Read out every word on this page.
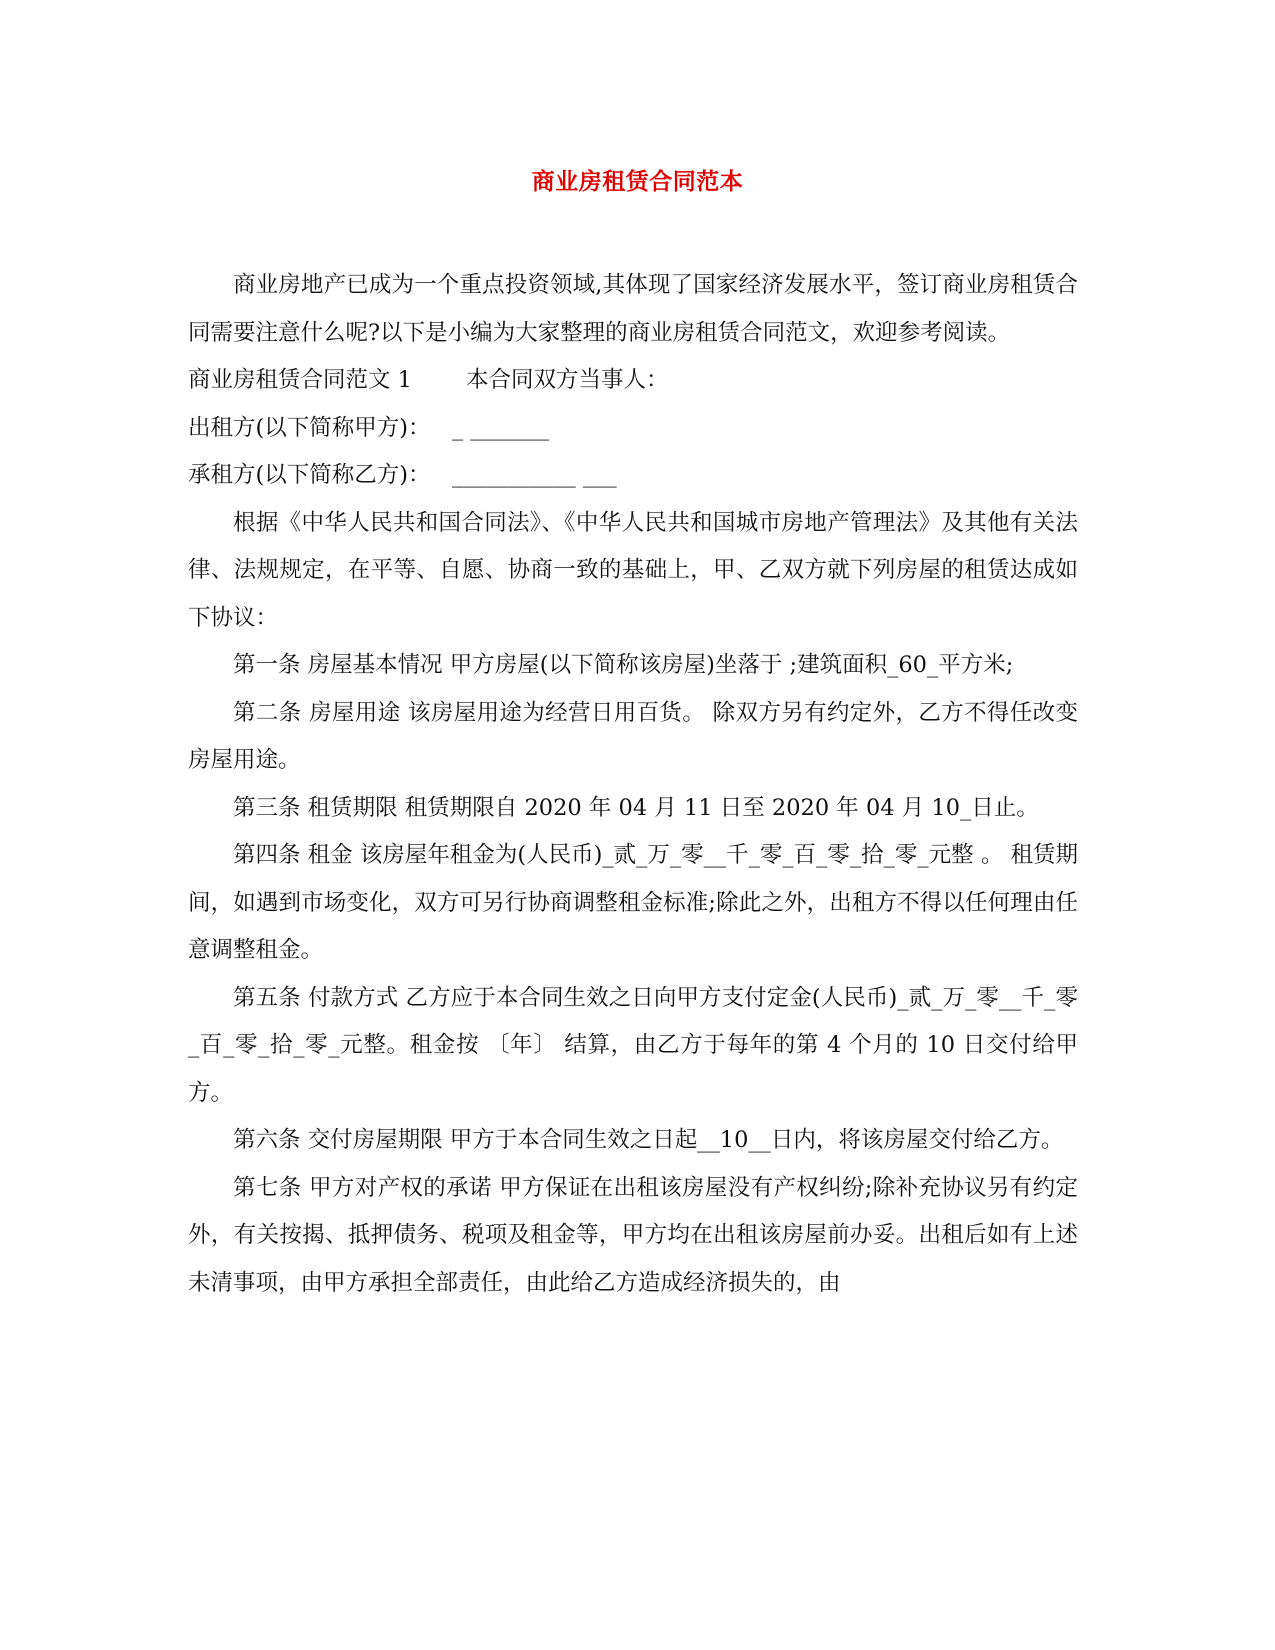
商业房租赁合同范本

商业房地产已成为一个重点投资领域,其体现了国家经济发展水平，签订商业房租赁合同需要注意什么呢?以下是小编为大家整理的商业房租赁合同范文，欢迎参考阅读。

商业房租赁合同范文 1 本合同双方当事人：

出租方(以下简称甲方)： _ _______

承租方(以下简称乙方)： ___________ ___

根据《中华人民共和国合同法》、《中华人民共和国城市房地产管理法》及其他有关法律、法规规定，在平等、自愿、协商一致的基础上，甲、乙双方就下列房屋的租赁达成如下协议：

第一条 房屋基本情况 甲方房屋(以下简称该房屋)坐落于 ;建筑面积_60_平方米;

第二条 房屋用途 该房屋用途为经营日用百货。 除双方另有约定外，乙方不得任改变房屋用途。

第三条 租赁期限 租赁期限自 2020 年 04 月 11 日至 2020 年 04 月 10_日止。

第四条 租金 该房屋年租金为(人民币)_贰_万_零__千_零_百_零_拾_零_元整 。 租赁期间，如遇到市场变化，双方可另行协商调整租金标准;除此之外，出租方不得以任何理由任意调整租金。

第五条 付款方式 乙方应于本合同生效之日向甲方支付定金(人民币)_贰_万_零__千_零_百_零_拾_零_元整。租金按 〔年〕 结算，由乙方于每年的第 4 个月的 10 日交付给甲方。

第六条 交付房屋期限 甲方于本合同生效之日起__10__日内，将该房屋交付给乙方。

第七条 甲方对产权的承诺 甲方保证在出租该房屋没有产权纠纷;除补充协议另有约定外，有关按揭、抵押债务、税项及租金等，甲方均在出租该房屋前办妥。出租后如有上述未清事项，由甲方承担全部责任，由此给乙方造成经济损失的，由
